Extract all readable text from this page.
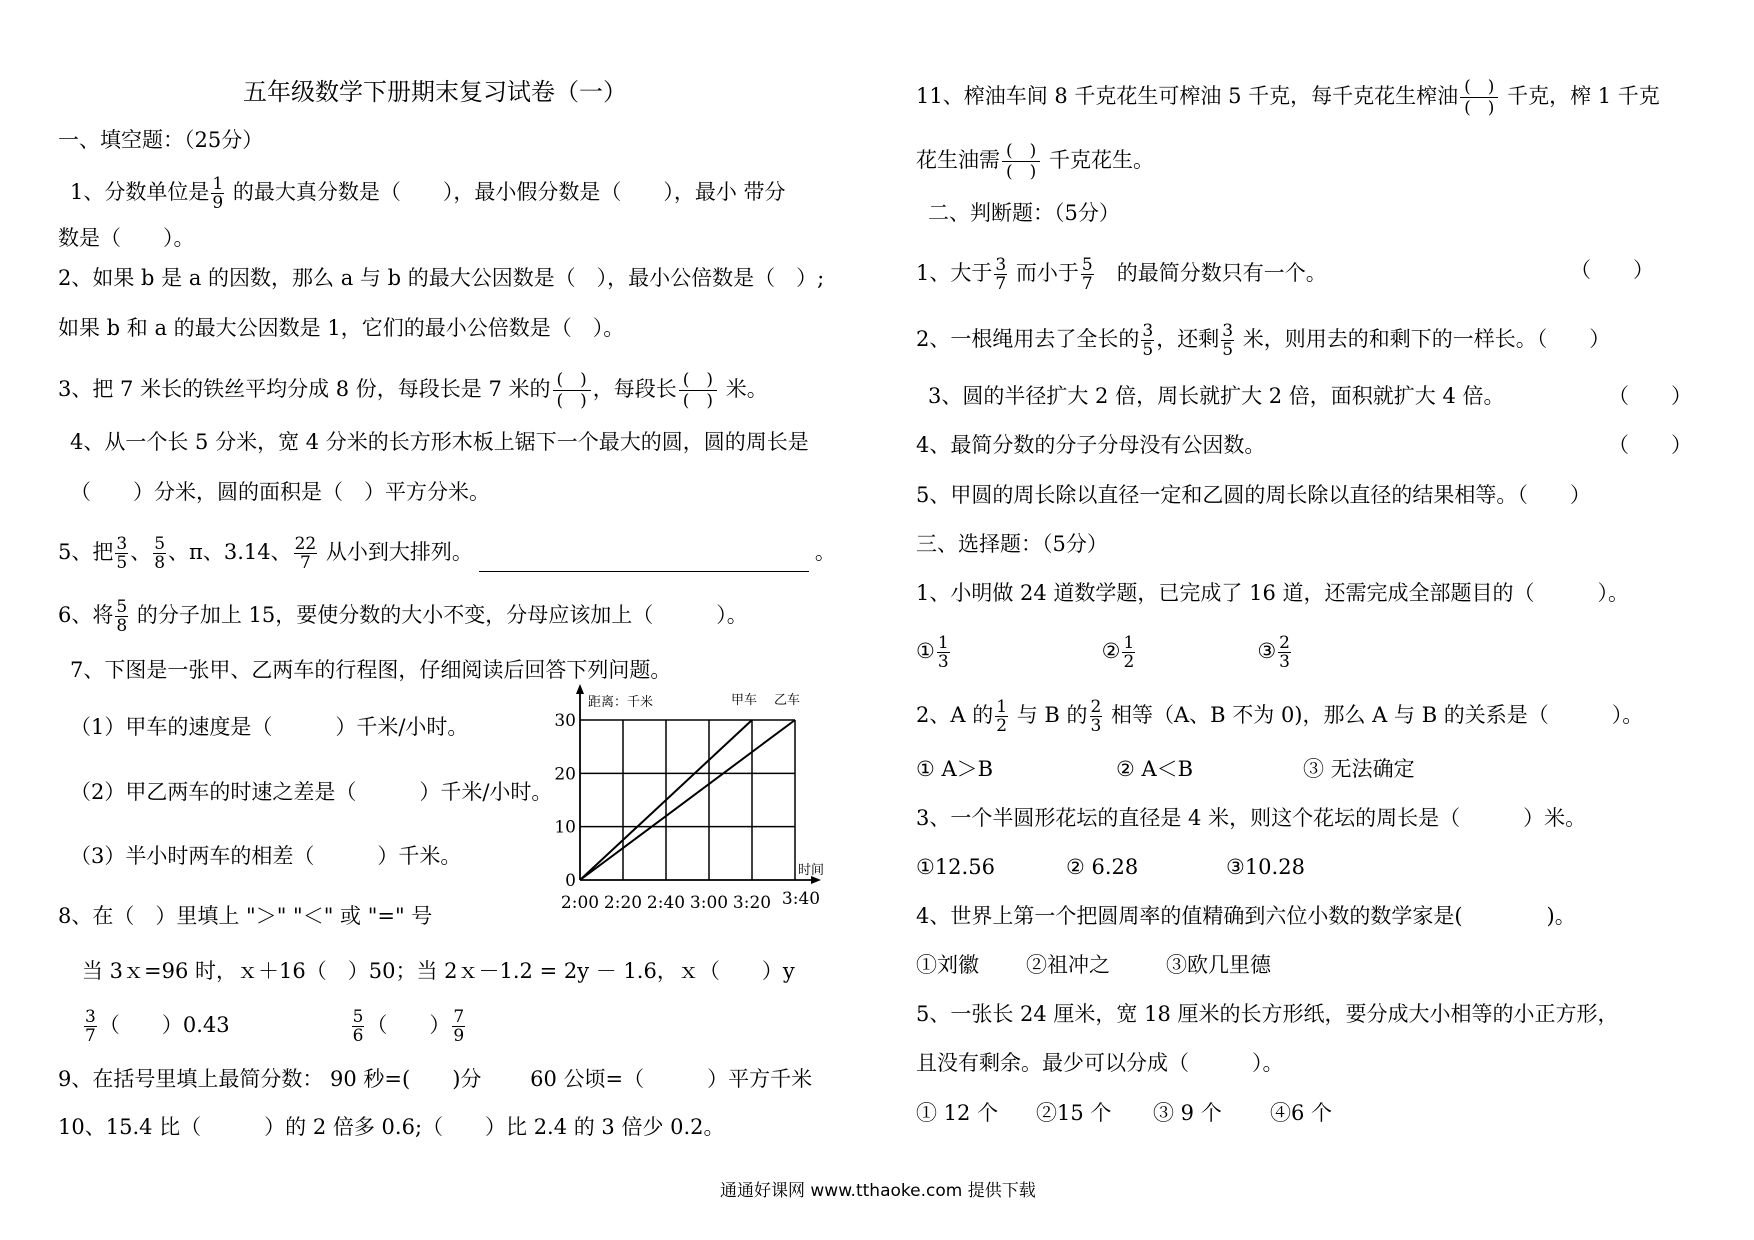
五年级数学下册期末复习试卷（一）
一、填空题：（25分）
1、分数单位是 $\frac{1}{9}$ 的最大真分数是（　　），最小假分数是（　　），最小 带分
数是（　　）。
2、如果 b 是 a 的因数，那么 a 与 b 的最大公因数是（　），最小公倍数是（　）;
如果 b 和 a 的最大公因数是 1，它们的最小公倍数是（　）。
3、把 7 米长的铁丝平均分成 8 份，每段长是 7 米的 $\frac{( )}{( )}$ ，每段长 $\frac{( )}{( )}$ 米。
4、从一个长 5 分米，宽 4 分米的长方形木板上锯下一个最大的圆，圆的周长是
（　　）分米，圆的面积是（　）平方分米。
5、把 $\frac{3}{5}$ 、 $\frac{5}{8}$ 、π、3.14、 $\frac{22}{7}$ 从小到大排列。	。
6、将 $\frac{5}{8}$ 的分子加上 15，要使分数的大小不变，分母应该加上（　　　）。
7、下图是一张甲、乙两车的行程图，仔细阅读后回答下列问题。
（1）甲车的速度是（　　　）千米/小时。
（2）甲乙两车的时速之差是（　　　）千米/小时。
（3）半小时两车的相差（　　　）千米。
甲车 乙车
0
10
20
30
2:00 2:20 2:40 3:00 3:20 3:40
距离：千米
时间
8、在（　）里填上 "＞" "＜" 或 "=" 号
当 3ｘ=96 时，ｘ＋16（　）50；当 2ｘ－1.2 = 2y － 1.6，ｘ（　　）y
$\frac{3}{7}$ （　　）0.43	$\frac{5}{6}$ （　　） $\frac{7}{9}$
9、在括号里填上最简分数： 90 秒=(　　)分　　 60 公顷=（　　　）平方千米
10、15.4 比（　　　）的 2 倍多 0.6;（　　）比 2.4 的 3 倍少 0.2。
11、榨油车间 8 千克花生可榨油 5 千克，每千克花生榨油 $\frac{( )}{( )}$ 千克，榨 1 千克
花生油需 $\frac{( )}{( )}$ 千克花生。
二、判断题：（5分）
1、大于 $\frac{3}{7}$ 而小于 $\frac{5}{7}$ 　的最简分数只有一个。	（　　）
2、一根绳用去了全长的 $\frac{3}{5}$ ，还剩 $\frac{3}{5}$ 米，则用去的和剩下的一样长。（　　）
3、圆的半径扩大 2 倍，周长就扩大 2 倍，面积就扩大 4 倍。	（　　）
4、最简分数的分子分母没有公因数。	（　　）
5、甲圆的周长除以直径一定和乙圆的周长除以直径的结果相等。（　　）
三、选择题：（5分）
1、小明做 24 道数学题，已完成了 16 道，还需完成全部题目的（　　　）。
① $\frac{1}{3}$	② $\frac{1}{2}$	③ $\frac{2}{3}$
2、A 的 $\frac{1}{2}$ 与 B 的 $\frac{2}{3}$ 相等（A、B 不为 0)，那么 A 与 B 的关系是（　　　）。
① A＞B	② A＜B	③ 无法确定
3、一个半圆形花坛的直径是 4 米，则这个花坛的周长是（　　　）米。
①12.56	② 6.28	③10.28
4、世界上第一个把圆周率的值精确到六位小数的数学家是(　　　　)。
①刘徽 ②祖冲之	③欧几里德
5、一张长 24 厘米，宽 18 厘米的长方形纸，要分成大小相等的小正方形，
且没有剩余。最少可以分成（　　　）。
① 12 个 ②15 个 ③ 9 个 ④6 个
通通好课网 www.tthaoke.com 提供下载
